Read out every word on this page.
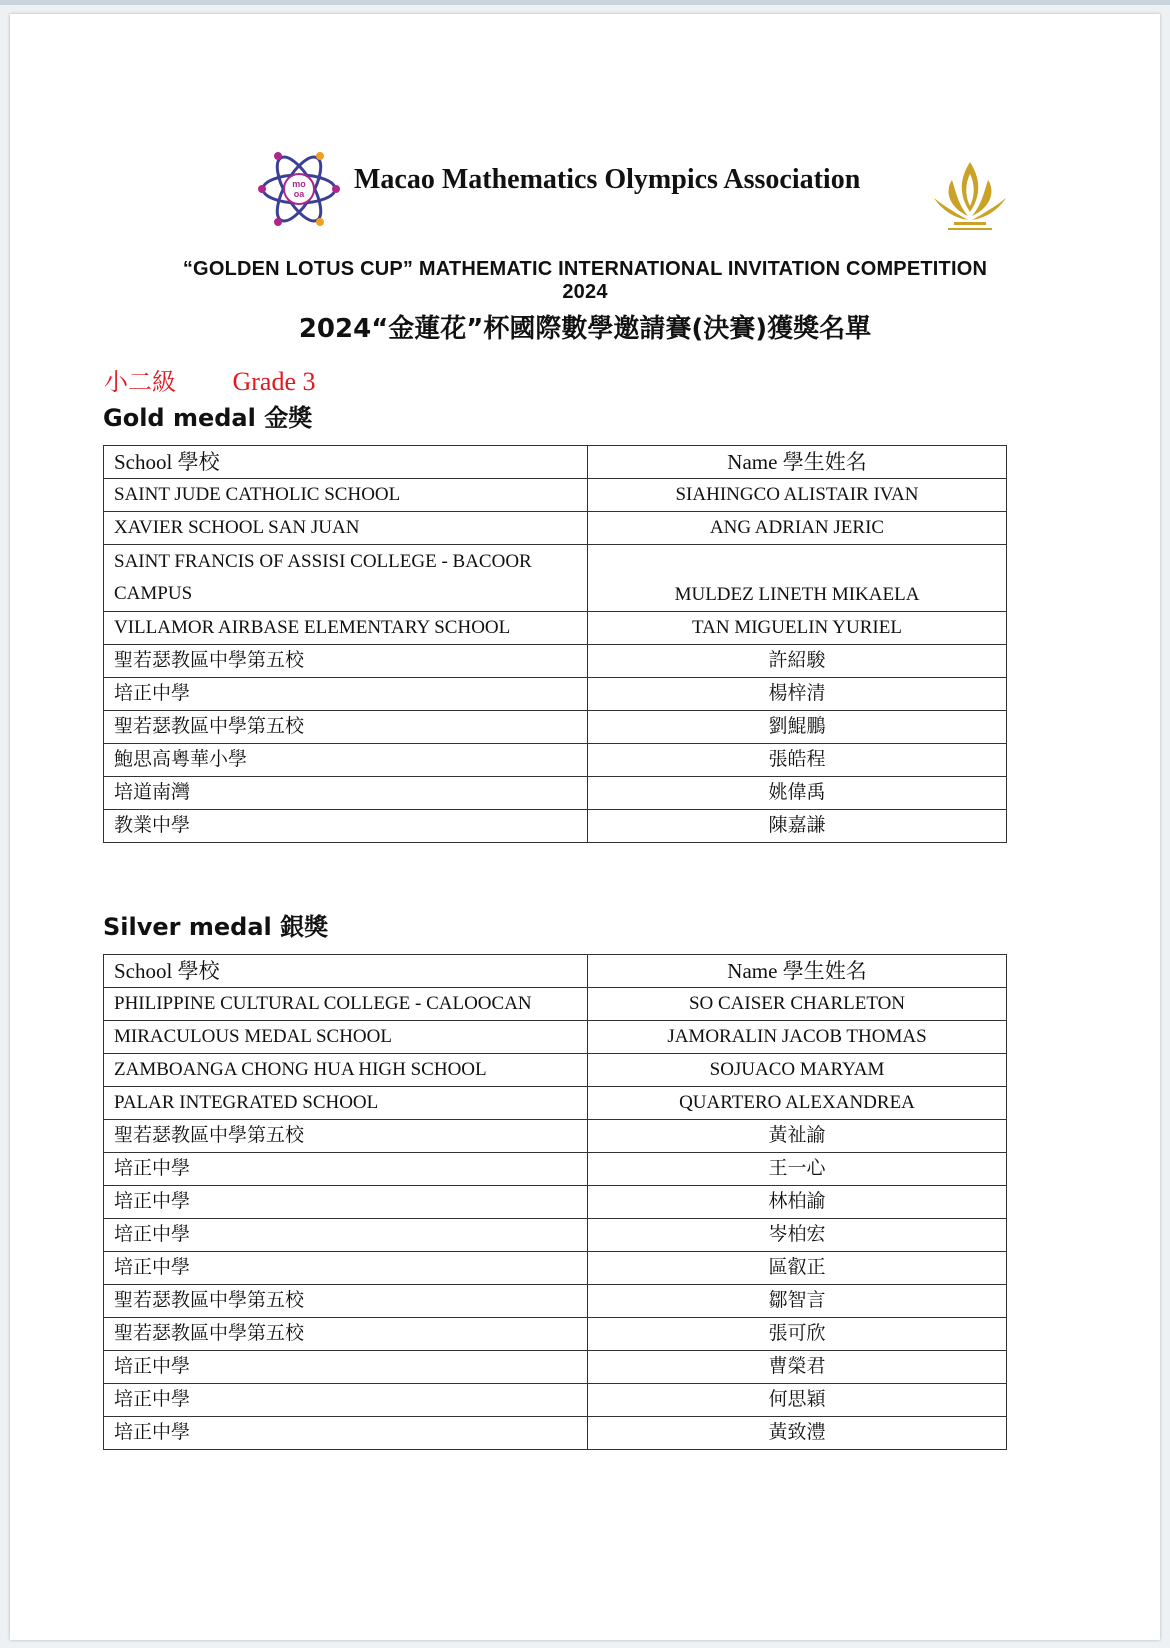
mo
oa Macao Mathematics Olympics Association
“GOLDEN LOTUS CUP” MATHEMATIC INTERNATIONAL INVITATION COMPETITION
2024
2024“金蓮花”杯國際數學邀請賽(決賽)獲獎名單
小二級 Grade 3
Gold medal 金獎
School 學校	Name 學生姓名
SAINT JUDE CATHOLIC SCHOOL	SIAHINGCO ALISTAIR IVAN
XAVIER SCHOOL SAN JUAN	ANG ADRIAN JERIC
SAINT FRANCIS OF ASSISI COLLEGE - BACOOR CAMPUS	MULDEZ LINETH MIKAELA
VILLAMOR AIRBASE ELEMENTARY SCHOOL	TAN MIGUELIN YURIEL
聖若瑟教區中學第五校	許紹駿
培正中學	楊梓清
聖若瑟教區中學第五校	劉鯤鵬
鮑思高粵華小學	張皓程
培道南灣	姚偉禹
教業中學	陳嘉謙
Silver medal 銀獎
School 學校	Name 學生姓名
PHILIPPINE CULTURAL COLLEGE - CALOOCAN	SO CAISER CHARLETON
MIRACULOUS MEDAL SCHOOL	JAMORALIN JACOB THOMAS
ZAMBOANGA CHONG HUA HIGH SCHOOL	SOJUACO MARYAM
PALAR INTEGRATED SCHOOL	QUARTERO ALEXANDREA
聖若瑟教區中學第五校	黃祉諭
培正中學	王一心
培正中學	林柏諭
培正中學	岑柏宏
培正中學	區叡正
聖若瑟教區中學第五校	鄒智言
聖若瑟教區中學第五校	張可欣
培正中學	曹榮君
培正中學	何思穎
培正中學	黃致澧
